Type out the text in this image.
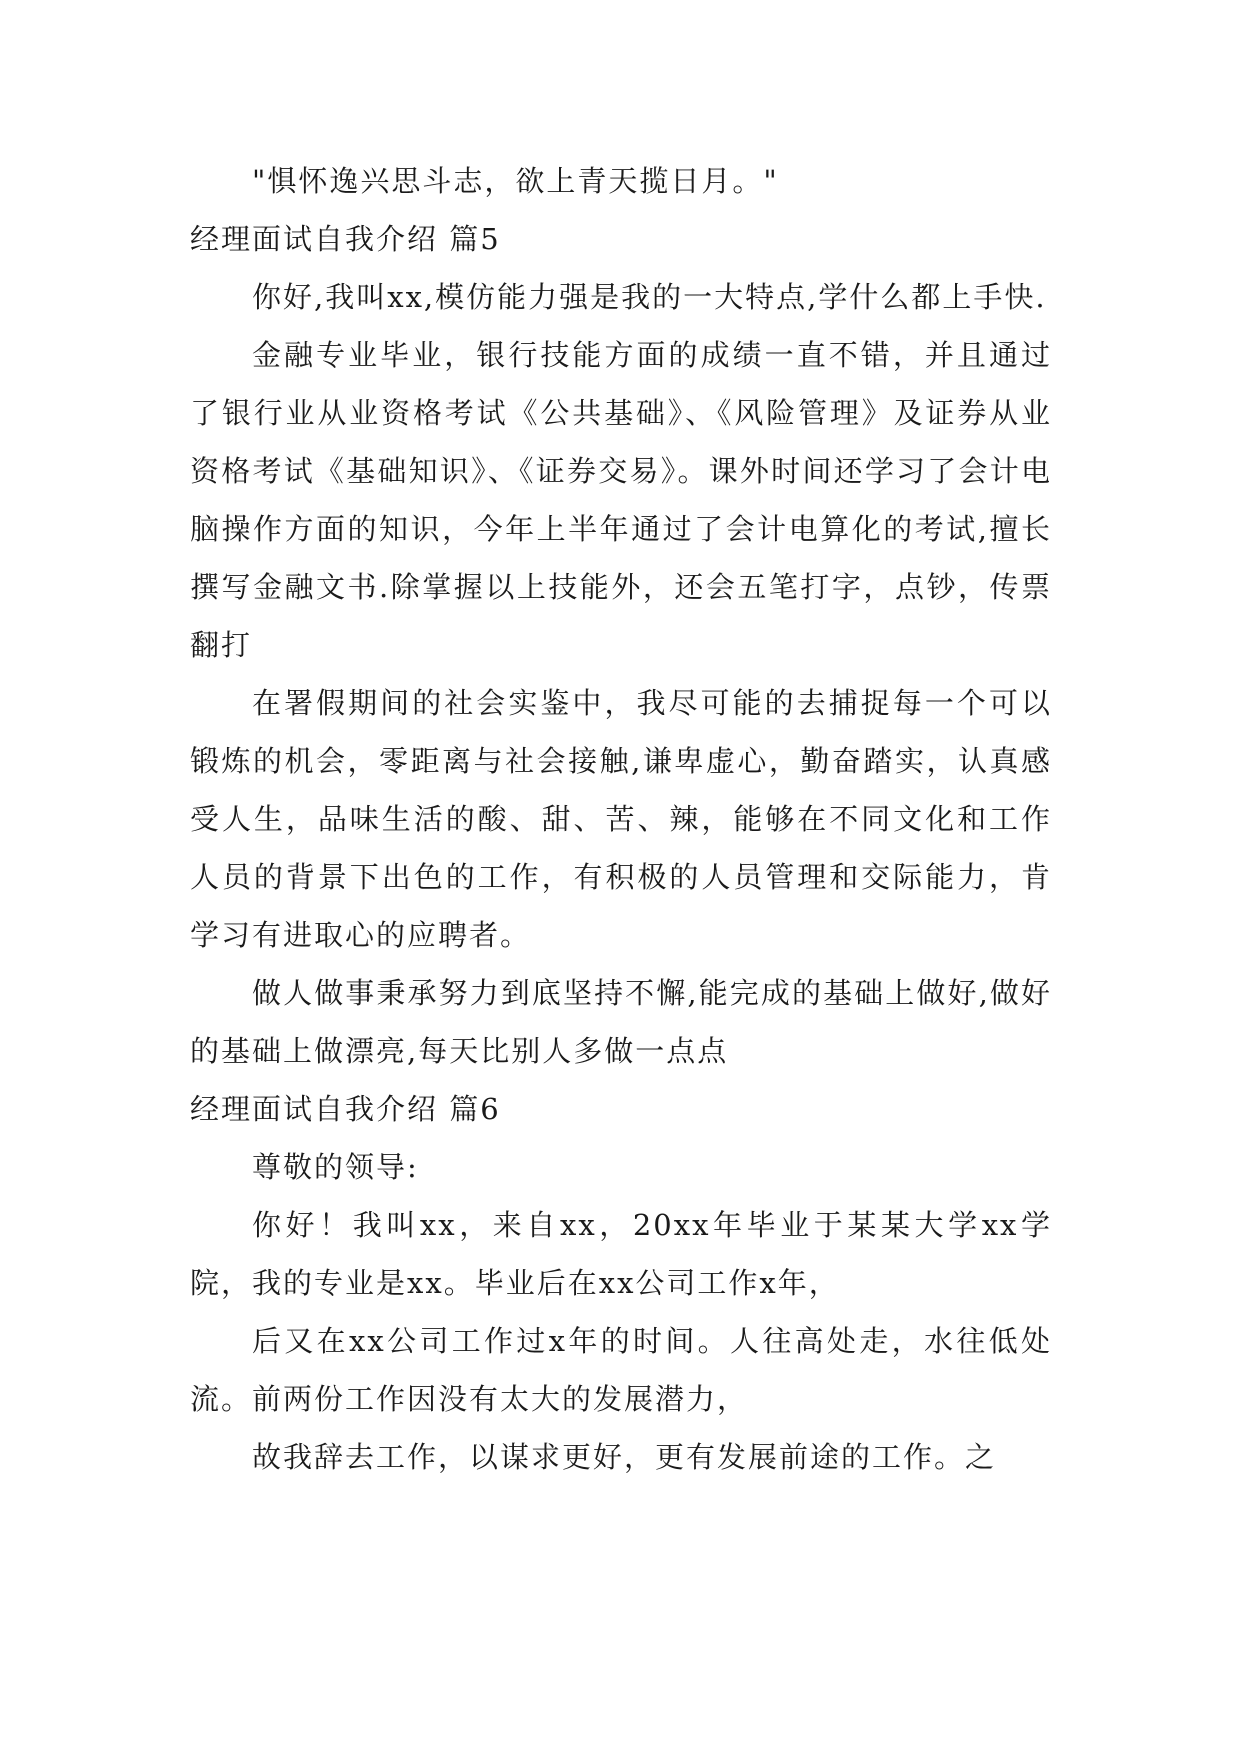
"惧怀逸兴思斗志，欲上青天揽日月。"

经理面试自我介绍 篇5

你好,我叫xx,模仿能力强是我的一大特点,学什么都上手快.

金融专业毕业，银行技能方面的成绩一直不错，并且通过了银行业从业资格考试《公共基础》、《风险管理》及证券从业资格考试《基础知识》、《证券交易》。课外时间还学习了会计电脑操作方面的知识，今年上半年通过了会计电算化的考试,擅长撰写金融文书.除掌握以上技能外，还会五笔打字，点钞，传票翻打

在署假期间的社会实鉴中，我尽可能的去捕捉每一个可以锻炼的机会，零距离与社会接触,谦卑虚心，勤奋踏实，认真感受人生，品味生活的酸、甜、苦、辣，能够在不同文化和工作人员的背景下出色的工作，有积极的人员管理和交际能力，肯学习有进取心的应聘者。

做人做事秉承努力到底坚持不懈,能完成的基础上做好,做好的基础上做漂亮,每天比别人多做一点点

经理面试自我介绍 篇6

尊敬的领导:

你好！我叫xx，来自xx，20xx年毕业于某某大学xx学院，我的专业是xx。毕业后在xx公司工作x年，

后又在xx公司工作过x年的时间。人往高处走，水往低处流。前两份工作因没有太大的发展潜力，

故我辞去工作，以谋求更好，更有发展前途的工作。之
